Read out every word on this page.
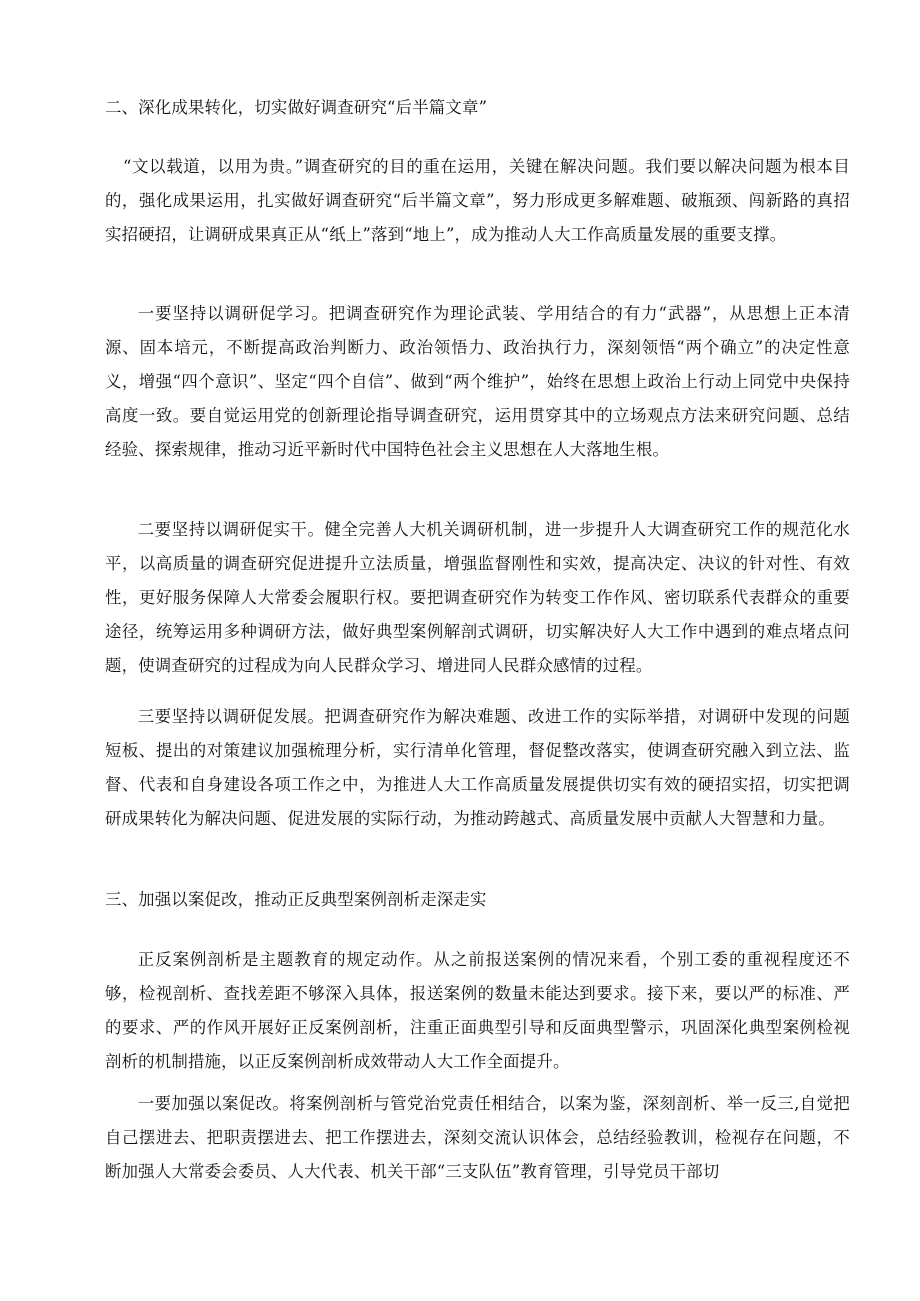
二、深化成果转化，切实做好调查研究“后半篇文章”

“文以载道，以用为贵。”调查研究的目的重在运用，关键在解决问题。我们要以解决问题为根本目的，强化成果运用，扎实做好调查研究“后半篇文章”，努力形成更多解难题、破瓶颈、闯新路的真招实招硬招，让调研成果真正从“纸上”落到“地上”，成为推动人大工作高质量发展的重要支撑。

一要坚持以调研促学习。把调查研究作为理论武装、学用结合的有力“武器”，从思想上正本清源、固本培元，不断提高政治判断力、政治领悟力、政治执行力，深刻领悟“两个确立”的决定性意义，增强“四个意识”、坚定“四个自信”、做到“两个维护”，始终在思想上政治上行动上同党中央保持高度一致。要自觉运用党的创新理论指导调查研究，运用贯穿其中的立场观点方法来研究问题、总结经验、探索规律，推动习近平新时代中国特色社会主义思想在人大落地生根。

二要坚持以调研促实干。健全完善人大机关调研机制，进一步提升人大调查研究工作的规范化水平，以高质量的调查研究促进提升立法质量，增强监督刚性和实效，提高决定、决议的针对性、有效性，更好服务保障人大常委会履职行权。要把调查研究作为转变工作作风、密切联系代表群众的重要途径，统筹运用多种调研方法，做好典型案例解剖式调研，切实解决好人大工作中遇到的难点堵点问题，使调查研究的过程成为向人民群众学习、增进同人民群众感情的过程。

三要坚持以调研促发展。把调查研究作为解决难题、改进工作的实际举措，对调研中发现的问题短板、提出的对策建议加强梳理分析，实行清单化管理，督促整改落实，使调查研究融入到立法、监督、代表和自身建设各项工作之中，为推进人大工作高质量发展提供切实有效的硬招实招，切实把调研成果转化为解决问题、促进发展的实际行动，为推动跨越式、高质量发展中贡献人大智慧和力量。

三、加强以案促改，推动正反典型案例剖析走深走实

正反案例剖析是主题教育的规定动作。从之前报送案例的情况来看，个别工委的重视程度还不够，检视剖析、查找差距不够深入具体，报送案例的数量未能达到要求。接下来，要以严的标准、严的要求、严的作风开展好正反案例剖析，注重正面典型引导和反面典型警示，巩固深化典型案例检视剖析的机制措施，以正反案例剖析成效带动人大工作全面提升。

一要加强以案促改。将案例剖析与管党治党责任相结合，以案为鉴，深刻剖析、举一反三,自觉把自己摆进去、把职责摆进去、把工作摆进去，深刻交流认识体会，总结经验教训，检视存在问题，不断加强人大常委会委员、人大代表、机关干部“三支队伍”教育管理，引导党员干部切
